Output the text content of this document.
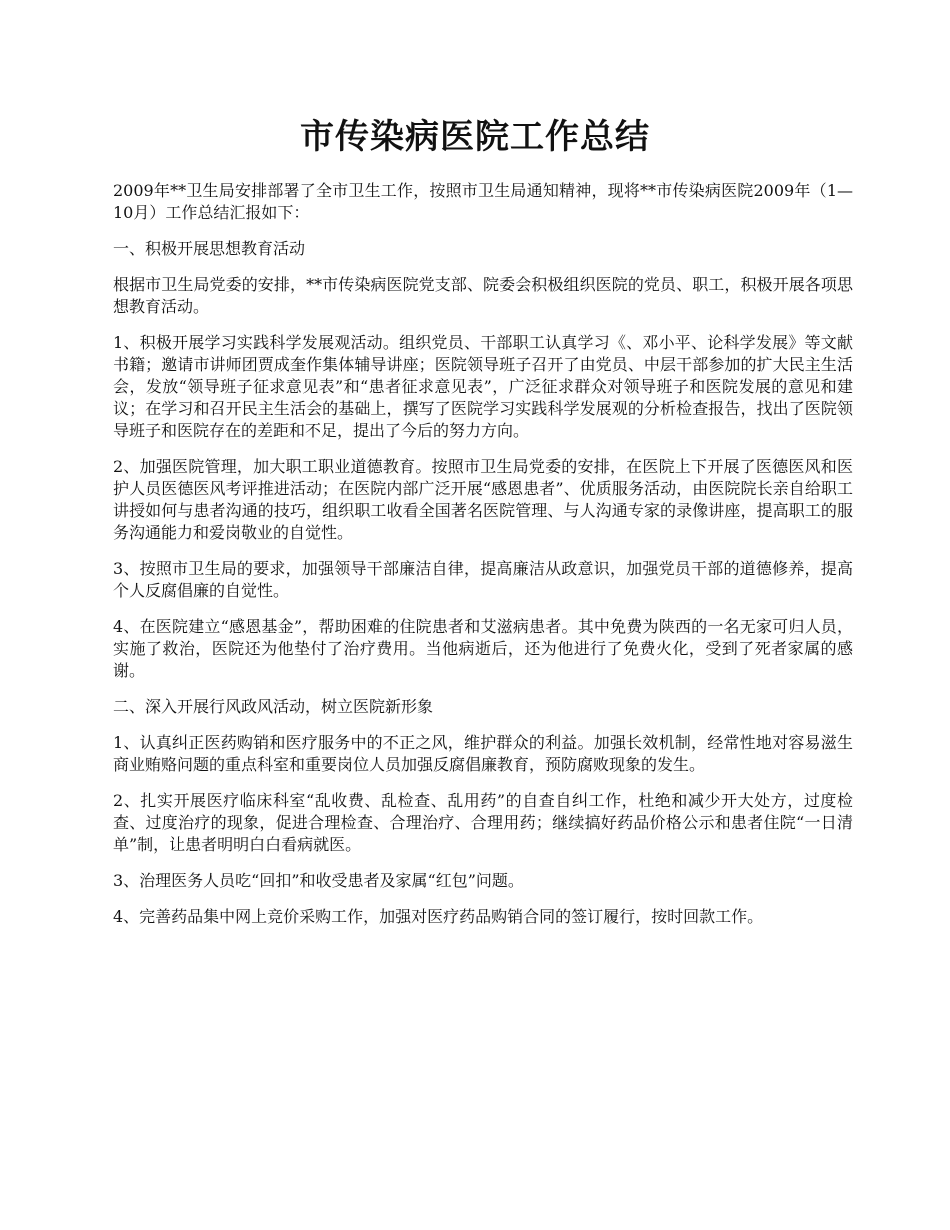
市传染病医院工作总结

2009年**卫生局安排部署了全市卫生工作，按照市卫生局通知精神，现将**市传染病医院2009年（1—10月）工作总结汇报如下：

一、积极开展思想教育活动

根据市卫生局党委的安排，**市传染病医院党支部、院委会积极组织医院的党员、职工，积极开展各项思想教育活动。

1、积极开展学习实践科学发展观活动。组织党员、干部职工认真学习《、邓小平、论科学发展》等文献书籍；邀请市讲师团贾成奎作集体辅导讲座；医院领导班子召开了由党员、中层干部参加的扩大民主生活会，发放“领导班子征求意见表”和“患者征求意见表”，广泛征求群众对领导班子和医院发展的意见和建议；在学习和召开民主生活会的基础上，撰写了医院学习实践科学发展观的分析检查报告，找出了医院领导班子和医院存在的差距和不足，提出了今后的努力方向。

2、加强医院管理，加大职工职业道德教育。按照市卫生局党委的安排，在医院上下开展了医德医风和医护人员医德医风考评推进活动；在医院内部广泛开展“感恩患者”、优质服务活动，由医院院长亲自给职工讲授如何与患者沟通的技巧，组织职工收看全国著名医院管理、与人沟通专家的录像讲座，提高职工的服务沟通能力和爱岗敬业的自觉性。

3、按照市卫生局的要求，加强领导干部廉洁自律，提高廉洁从政意识，加强党员干部的道德修养，提高个人反腐倡廉的自觉性。

4、在医院建立“感恩基金”，帮助困难的住院患者和艾滋病患者。其中免费为陕西的一名无家可归人员，实施了救治，医院还为他垫付了治疗费用。当他病逝后，还为他进行了免费火化，受到了死者家属的感谢。

二、深入开展行风政风活动，树立医院新形象

1、认真纠正医药购销和医疗服务中的不正之风，维护群众的利益。加强长效机制，经常性地对容易滋生商业贿赂问题的重点科室和重要岗位人员加强反腐倡廉教育，预防腐败现象的发生。

2、扎实开展医疗临床科室“乱收费、乱检查、乱用药”的自查自纠工作，杜绝和减少开大处方，过度检查、过度治疗的现象，促进合理检查、合理治疗、合理用药；继续搞好药品价格公示和患者住院“一日清单”制，让患者明明白白看病就医。

3、治理医务人员吃“回扣”和收受患者及家属“红包”问题。

4、完善药品集中网上竞价采购工作，加强对医疗药品购销合同的签订履行，按时回款工作。
